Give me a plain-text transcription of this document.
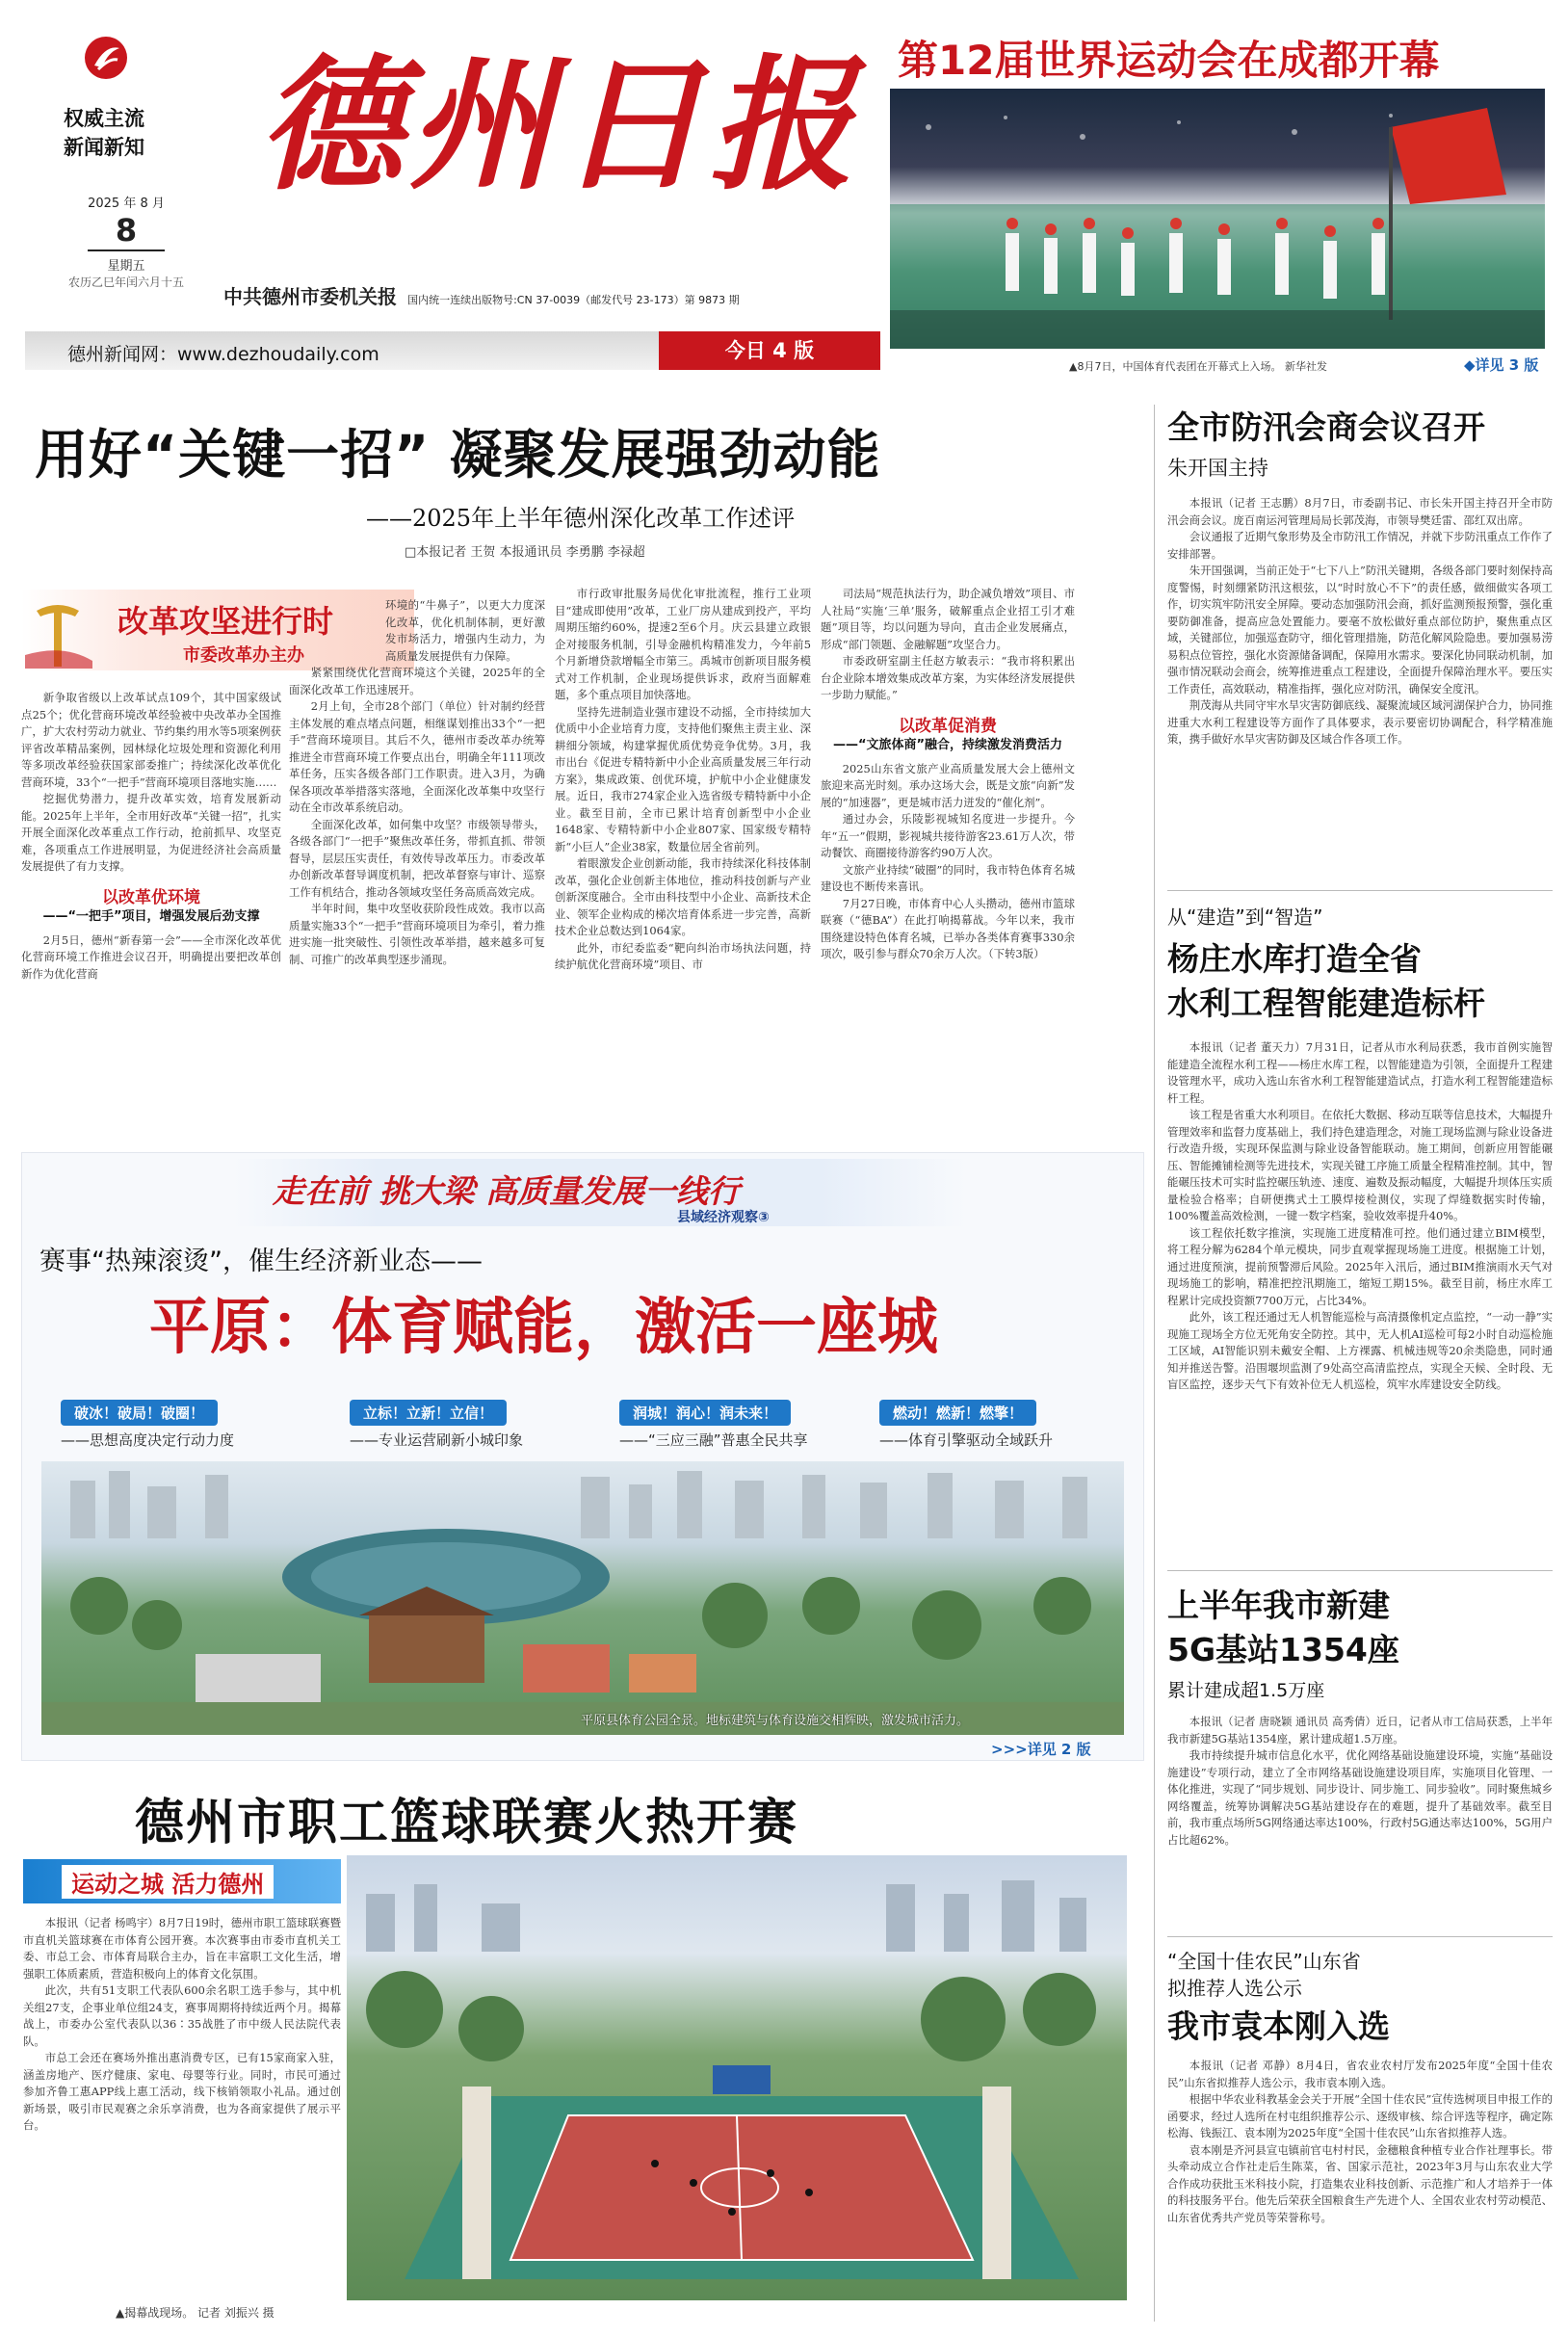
权威主流
新闻新知
2025 年 8 月
8
星期五
农历乙巳年闰六月十五
德州日报
中共德州市委机关报 国内统一连续出版物号:CN 37-0039（邮发代号 23-173）第 9873 期
德州新闻网：www.dezhoudaily.com	今日 4 版
第12届世界运动会在成都开幕
▲8月7日，中国体育代表团在开幕式上入场。 新华社发	◆详见 3 版
用好“关键一招” 凝聚发展强劲动能
——2025年上半年德州深化改革工作述评
□本报记者 王贺 本报通讯员 李勇鹏 李禄超
改革攻坚进行时
市委改革办主办

新争取省级以上改革试点109个，其中国家级试点25个；优化营商环境改革经验被中央改革办全国推广，扩大农村劳动力就业、节约集约用水等5项案例获评省改革精品案例，园林绿化垃圾处理和资源化利用等多项改革经验获国家部委推广；持续深化改革优化营商环境，33个“一把手”营商环境项目落地实施……

挖掘优势潜力，提升改革实效，培育发展新动能。2025年上半年，全市用好改革“关键一招”，扎实开展全面深化改革重点工作行动，抢前抓早、攻坚克难，各项重点工作进展明显，为促进经济社会高质量发展提供了有力支撑。

以改革优环境
——“一把手”项目，增强发展后劲支撑

2月5日，德州“新春第一会”——全市深化改革优化营商环境工作推进会议召开，明确提出要把改革创新作为优化营商

环境的“牛鼻子”，以更大力度深化改革，优化机制体制，更好激发市场活力，增强内生动力，为高质量发展提供有力保障。

紧紧围绕优化营商环境这个关键，2025年的全面深化改革工作迅速展开。

2月上旬，全市28个部门（单位）针对制约经营主体发展的难点堵点问题，相继谋划推出33个“一把手”营商环境项目。其后不久，德州市委改革办统筹推进全市营商环境工作要点出台，明确全年111项改革任务，压实各级各部门工作职责。进入3月，为确保各项改革举措落实落地，全面深化改革集中攻坚行动在全市改革系统启动。

全面深化改革，如何集中攻坚？市级领导带头，各级各部门“一把手”聚焦改革任务，带抓直抓、带领督导，层层压实责任，有效传导改革压力。市委改革办创新改革督导调度机制，把改革督察与审计、巡察工作有机结合，推动各领域攻坚任务高质高效完成。

半年时间，集中攻坚收获阶段性成效。我市以高质量实施33个“一把手”营商环境项目为牵引，着力推进实施一批突破性、引领性改革举措，越来越多可复制、可推广的改革典型逐步涌现。

市行政审批服务局优化审批流程，推行工业项目“建成即使用”改革，工业厂房从建成到投产，平均周期压缩约60%，提速2至6个月。庆云县建立政银企对接服务机制，引导金融机构精准发力，今年前5个月新增贷款增幅全市第三。禹城市创新项目服务模式对工作机制，企业现场提供诉求，政府当面解难题，多个重点项目加快落地。

坚持先进制造业强市建设不动摇，全市持续加大优质中小企业培育力度，支持他们聚焦主责主业、深耕细分领域，构建掌握优质优势竞争优势。3月，我市出台《促进专精特新中小企业高质量发展三年行动方案》，集成政策、创优环境，护航中小企业健康发展。近日，我市274家企业入选省级专精特新中小企业。截至目前，全市已累计培育创新型中小企业1648家、专精特新中小企业807家、国家级专精特新“小巨人”企业38家，数量位居全省前列。

着眼激发企业创新动能，我市持续深化科技体制改革，强化企业创新主体地位，推动科技创新与产业创新深度融合。全市由科技型中小企业、高新技术企业、领军企业构成的梯次培育体系进一步完善，高新技术企业总数达到1064家。

此外，市纪委监委“靶向纠治市场执法问题，持续护航优化营商环境”项目、市

司法局“规范执法行为，助企减负增效”项目、市人社局“实施‘三单’服务，破解重点企业招工引才难题”项目等，均以问题为导向，直击企业发展痛点，形成“部门领题、金融解题”攻坚合力。

市委政研室副主任赵方敏表示：“我市将积累出台企业除本增效集成改革方案，为实体经济发展提供一步助力赋能。”

以改革促消费
——“文旅体商”融合，持续激发消费活力

2025山东省文旅产业高质量发展大会上德州文旅迎来高光时刻。承办这场大会，既是文旅“向新”发展的“加速器”，更是城市活力迸发的“催化剂”。

通过办会，乐陵影视城知名度进一步提升。今年“五一”假期，影视城共接待游客23.61万人次，带动餐饮、商圈接待游客约90万人次。

文旅产业持续“破圈”的同时，我市特色体育名城建设也不断传来喜讯。

7月27日晚，市体育中心人头攒动，德州市篮球联赛（“德BA”）在此打响揭幕战。今年以来，我市围绕建设特色体育名城，已举办各类体育赛事330余项次，吸引参与群众70余万人次。（下转3版）

全市防汛会商会议召开
朱开国主持

本报讯（记者 王志鹏）8月7日，市委副书记、市长朱开国主持召开全市防汛会商会议。庞百南运河管理局局长郭茂海，市领导樊廷雷、邵红双出席。

会议通报了近期气象形势及全市防汛工作情况，并就下步防汛重点工作作了安排部署。

朱开国强调，当前正处于“七下八上”防汛关键期，各级各部门要时刻保持高度警惕，时刻绷紧防汛这根弦，以“时时放心不下”的责任感，做细做实各项工作，切实筑牢防汛安全屏障。要动态加强防汛会商，抓好监测预报预警，强化重要防御准备，提高应急处置能力。要毫不放松做好重点部位防护，聚焦重点区域，关键部位，加强巡查防守，细化管理措施，防范化解风险隐患。要加强易涝易积点位管控，强化水资源储备调配，保障用水需求。要深化协同联动机制，加强市情况联动会商会，统筹推进重点工程建设，全面提升保障治理水平。要压实工作责任，高效联动，精准指挥，强化应对防汛，确保安全度汛。

荆茂海从共同守牢水旱灾害防御底线、凝聚流域区域河湖保护合力，协同推进重大水利工程建设等方面作了具体要求，表示要密切协调配合，科学精准施策，携手做好水旱灾害防御及区域合作各项工作。

从“建造”到“智造”
杨庄水库打造全省
水利工程智能建造标杆

本报讯（记者 董天力）7月31日，记者从市水利局获悉，我市首例实施智能建造全流程水利工程——杨庄水库工程，以智能建造为引领，全面提升工程建设管理水平，成功入选山东省水利工程智能建造试点，打造水利工程智能建造标杆工程。

该工程是省重大水利项目。在依托大数据、移动互联等信息技术，大幅提升管理效率和监督力度基础上，我们持色建造理念，对施工现场监测与除业设备进行改造升级，实现环保监测与除业设备智能联动。施工期间，创新应用智能碾压、智能摊铺检测等先进技术，实现关键工序施工质量全程精准控制。其中，智能碾压技术可实时监控碾压轨迹、速度、遍数及振动幅度，大幅提升坝体压实质量检验合格率；自研便携式土工膜焊接检测仪，实现了焊缝数据实时传输，100%覆盖高效检测，一键一数字档案，验收效率提升40%。

该工程依托数字推演，实现施工进度精准可控。他们通过建立BIM模型，将工程分解为6284个单元模块，同步直观掌握现场施工进度。根据施工计划，通过进度预演，提前预警滞后风险。2025年入汛后，通过BIM推演雨水天气对现场施工的影响，精准把控汛期施工，缩短工期15%。截至目前，杨庄水库工程累计完成投资额7700万元，占比34%。

此外，该工程还通过无人机智能巡检与高清摄像机定点监控，“一动一静”实现施工现场全方位无死角安全防控。其中，无人机AI巡检可每2小时自动巡检施工区域，AI智能识别未戴安全帽、上方裸露、机械违规等20余类隐患，同时通知并推送告警。沿围堰坝监测了9处高空高清监控点，实现全天候、全时段、无盲区监控，逐步天气下有效补位无人机巡检，筑牢水库建设安全防线。

上半年我市新建
5G基站1354座
累计建成超1.5万座

本报讯（记者 唐晓颖 通讯员 高秀倩）近日，记者从市工信局获悉，上半年我市新建5G基站1354座，累计建成超1.5万座。

我市持续提升城市信息化水平，优化网络基础设施建设环境，实施“基础设施建设”专项行动，建立了全市网络基础设施建设项目库，实施项目化管理、一体化推进，实现了“同步规划、同步设计、同步施工、同步验收”。同时聚焦城乡网络覆盖，统筹协调解决5G基站建设存在的难题，提升了基础效率。截至目前，我市重点场所5G网络通达率达100%，行政村5G通达率达100%，5G用户占比超62%。

“全国十佳农民”山东省
拟推荐人选公示
我市袁本刚入选

本报讯（记者 邓静）8月4日，省农业农村厅发布2025年度“全国十佳农民”山东省拟推荐人选公示，我市袁本刚入选。

根据中华农业科教基金会关于开展“全国十佳农民”宣传选树项目申报工作的函要求，经过人选所在村屯组织推荐公示、逐级审核、综合评选等程序，确定陈松海、钱振江、袁本刚为2025年度“全国十佳农民”山东省拟推荐人选。

袁本刚是齐河县宣屯镇前官屯村村民，金穗粮食种植专业合作社理事长。带头牵动成立合作社走后生陈菜，省、国家示范社，2023年3月与山东农业大学合作成功获批玉米科技小院，打造集农业科技创新、示范推广和人才培养于一体的科技服务平台。他先后荣获全国粮食生产先进个人、全国农业农村劳动模范、山东省优秀共产党员等荣誉称号。

走在前 挑大梁 高质量发展一线行
县域经济观察③
赛事“热辣滚烫”，催生经济新业态——
平原：体育赋能，激活一座城
破冰！破局！破圈！
——思想高度决定行动力度
立标！立新！立信！
——专业运营刷新小城印象
润城！润心！润未来！
——“三应三融”普惠全民共享
燃动！燃新！燃擎！
——体育引擎驱动全域跃升
平原县体育公园全景。地标建筑与体育设施交相辉映，激发城市活力。
>>>详见 2 版
德州市职工篮球联赛火热开赛
运动之城 活力德州

本报讯（记者 杨鸣宇）8月7日19时，德州市职工篮球联赛暨市直机关篮球赛在市体育公园开赛。本次赛事由市委市直机关工委、市总工会、市体育局联合主办，旨在丰富职工文化生活，增强职工体质素质，营造积极向上的体育文化氛围。

此次，共有51支职工代表队600余名职工选手参与，其中机关组27支，企事业单位组24支，赛事周期将持续近两个月。揭幕战上，市委办公室代表队以36∶35战胜了市中级人民法院代表队。

市总工会还在赛场外推出惠消费专区，已有15家商家入驻，涵盖房地产、医疗健康、家电、母婴等行业。同时，市民可通过参加齐鲁工惠APP线上惠工活动，线下核销领取小礼品。通过创新场景，吸引市民观赛之余乐享消费，也为各商家提供了展示平台。

▲揭幕战现场。 记者 刘振兴 摄
